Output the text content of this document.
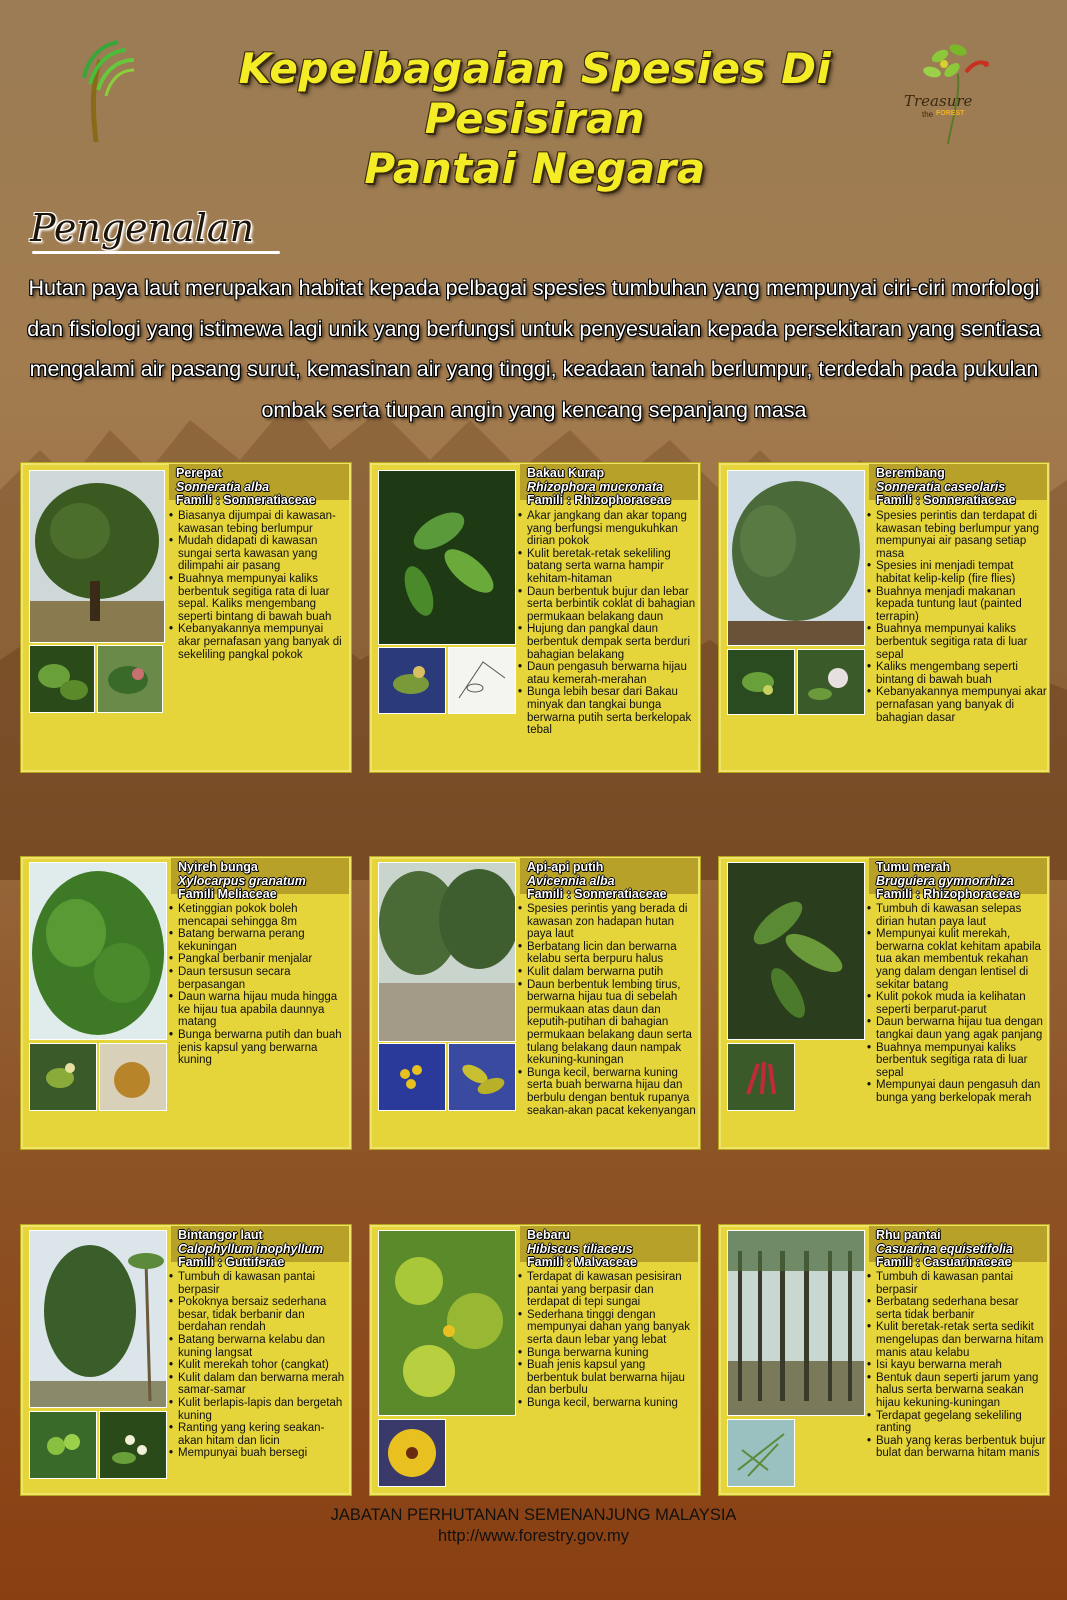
Kepelbagaian Spesies Di Pesisiran
Pantai Negara
Treasure
the FOREST
Pengenalan
Hutan paya laut merupakan habitat kepada pelbagai spesies tumbuhan yang mempunyai ciri-ciri morfologi
dan fisiologi yang istimewa lagi unik yang berfungsi untuk penyesuaian kepada persekitaran yang sentiasa
mengalami air pasang surut, kemasinan air yang tinggi, keadaan tanah berlumpur, terdedah pada pukulan
ombak serta tiupan angin yang kencang sepanjang masa
Perepat
Sonneratia alba
Famili : Sonneratiaceae
• Biasanya dijumpai di kawasan-kawasan tebing berlumpur
• Mudah didapati di kawasan sungai serta kawasan yang dilimpahi air pasang
• Buahnya mempunyai kaliks berbentuk segitiga rata di luar sepal. Kaliks mengembang seperti bintang di bawah buah
• Kebanyakannya mempunyai akar pernafasan yang banyak di sekeliling pangkal pokok
Bakau Kurap
Rhizophora mucronata
Famili : Rhizophoraceae
• Akar jangkang dan akar topang yang berfungsi mengukuhkan dirian pokok
• Kulit beretak-retak sekeliling batang serta warna hampir kehitam-hitaman
• Daun berbentuk bujur dan lebar serta berbintik coklat di bahagian permukaan belakang daun
• Hujung dan pangkal daun berbentuk dempak serta berduri bahagian belakang
• Daun pengasuh berwarna hijau atau kemerah-merahan
• Bunga lebih besar dari Bakau minyak dan tangkai bunga berwarna putih serta berkelopak tebal
Berembang
Sonneratia caseolaris
Famili : Sonneratiaceae
• Spesies perintis dan terdapat di kawasan tebing berlumpur yang mempunyai air pasang setiap masa
• Spesies ini menjadi tempat habitat kelip-kelip (fire flies)
• Buahnya menjadi makanan kepada tuntung laut (painted terrapin)
• Buahnya mempunyai kaliks berbentuk segitiga rata di luar sepal
• Kaliks mengembang seperti bintang di bawah buah
• Kebanyakannya mempunyai akar pernafasan yang banyak di bahagian dasar
Nyireh bunga
Xylocarpus granatum
Famili Meliaceae
• Ketinggian pokok boleh mencapai sehingga 8m
• Batang berwarna perang kekuningan
• Pangkal berbanir menjalar
• Daun tersusun secara berpasangan
• Daun warna hijau muda hingga ke hijau tua apabila daunnya matang
• Bunga berwarna putih dan buah jenis kapsul yang berwarna kuning
Api-api putih
Avicennia alba
Famili : Sonneratiaceae
• Spesies perintis yang berada di kawasan zon hadapan hutan paya laut
• Berbatang licin dan berwarna kelabu serta berpuru halus
• Kulit dalam berwarna putih
• Daun berbentuk lembing tirus, berwarna hijau tua di sebelah permukaan atas daun dan keputih-putihan di bahagian permukaan belakang daun serta tulang belakang daun nampak kekuning-kuningan
• Bunga kecil, berwarna kuning serta buah berwarna hijau dan berbulu dengan bentuk rupanya seakan-akan pacat kekenyangan
Tumu merah
Bruguiera gymnorrhiza
Famili : Rhizophoraceae
• Tumbuh di kawasan selepas dirian hutan paya laut
• Mempunyai kulit merekah, berwarna coklat kehitam apabila tua akan membentuk rekahan yang dalam dengan lentisel di sekitar batang
• Kulit pokok muda ia kelihatan seperti berparut-parut
• Daun berwarna hijau tua dengan tangkai daun yang agak panjang
• Buahnya mempunyai kaliks berbentuk segitiga rata di luar sepal
• Mempunyai daun pengasuh dan bunga yang berkelopak merah
Bintangor laut
Calophyllum inophyllum
Famili : Guttiferae
• Tumbuh di kawasan pantai berpasir
• Pokoknya bersaiz sederhana besar, tidak berbanir dan berdahan rendah
• Batang berwarna kelabu dan kuning langsat
• Kulit merekah tohor (cangkat)
• Kulit dalam dan berwarna merah samar-samar
• Kulit berlapis-lapis dan bergetah kuning
• Ranting yang kering seakan-akan hitam dan licin
• Mempunyai buah bersegi
Bebaru
Hibiscus tiliaceus
Famili : Malvaceae
• Terdapat di kawasan pesisiran pantai yang berpasir dan terdapat di tepi sungai
• Sederhana tinggi dengan mempunyai dahan yang banyak serta daun lebar yang lebat
• Bunga berwarna kuning
• Buah jenis kapsul yang berbentuk bulat berwarna hijau dan berbulu
• Bunga kecil, berwarna kuning
Rhu pantai
Casuarina equisetifolia
Famili : Casuarinaceae
• Tumbuh di kawasan pantai berpasir
• Berbatang sederhana besar serta tidak berbanir
• Kulit beretak-retak serta sedikit mengelupas dan berwarna hitam manis atau kelabu
• Isi kayu berwarna merah
• Bentuk daun seperti jarum yang halus serta berwarna seakan hijau kekuning-kuningan
• Terdapat gegelang sekeliling ranting
• Buah yang keras berbentuk bujur bulat dan berwarna hitam manis
JABATAN PERHUTANAN SEMENANJUNG MALAYSIA
http://www.forestry.gov.my
